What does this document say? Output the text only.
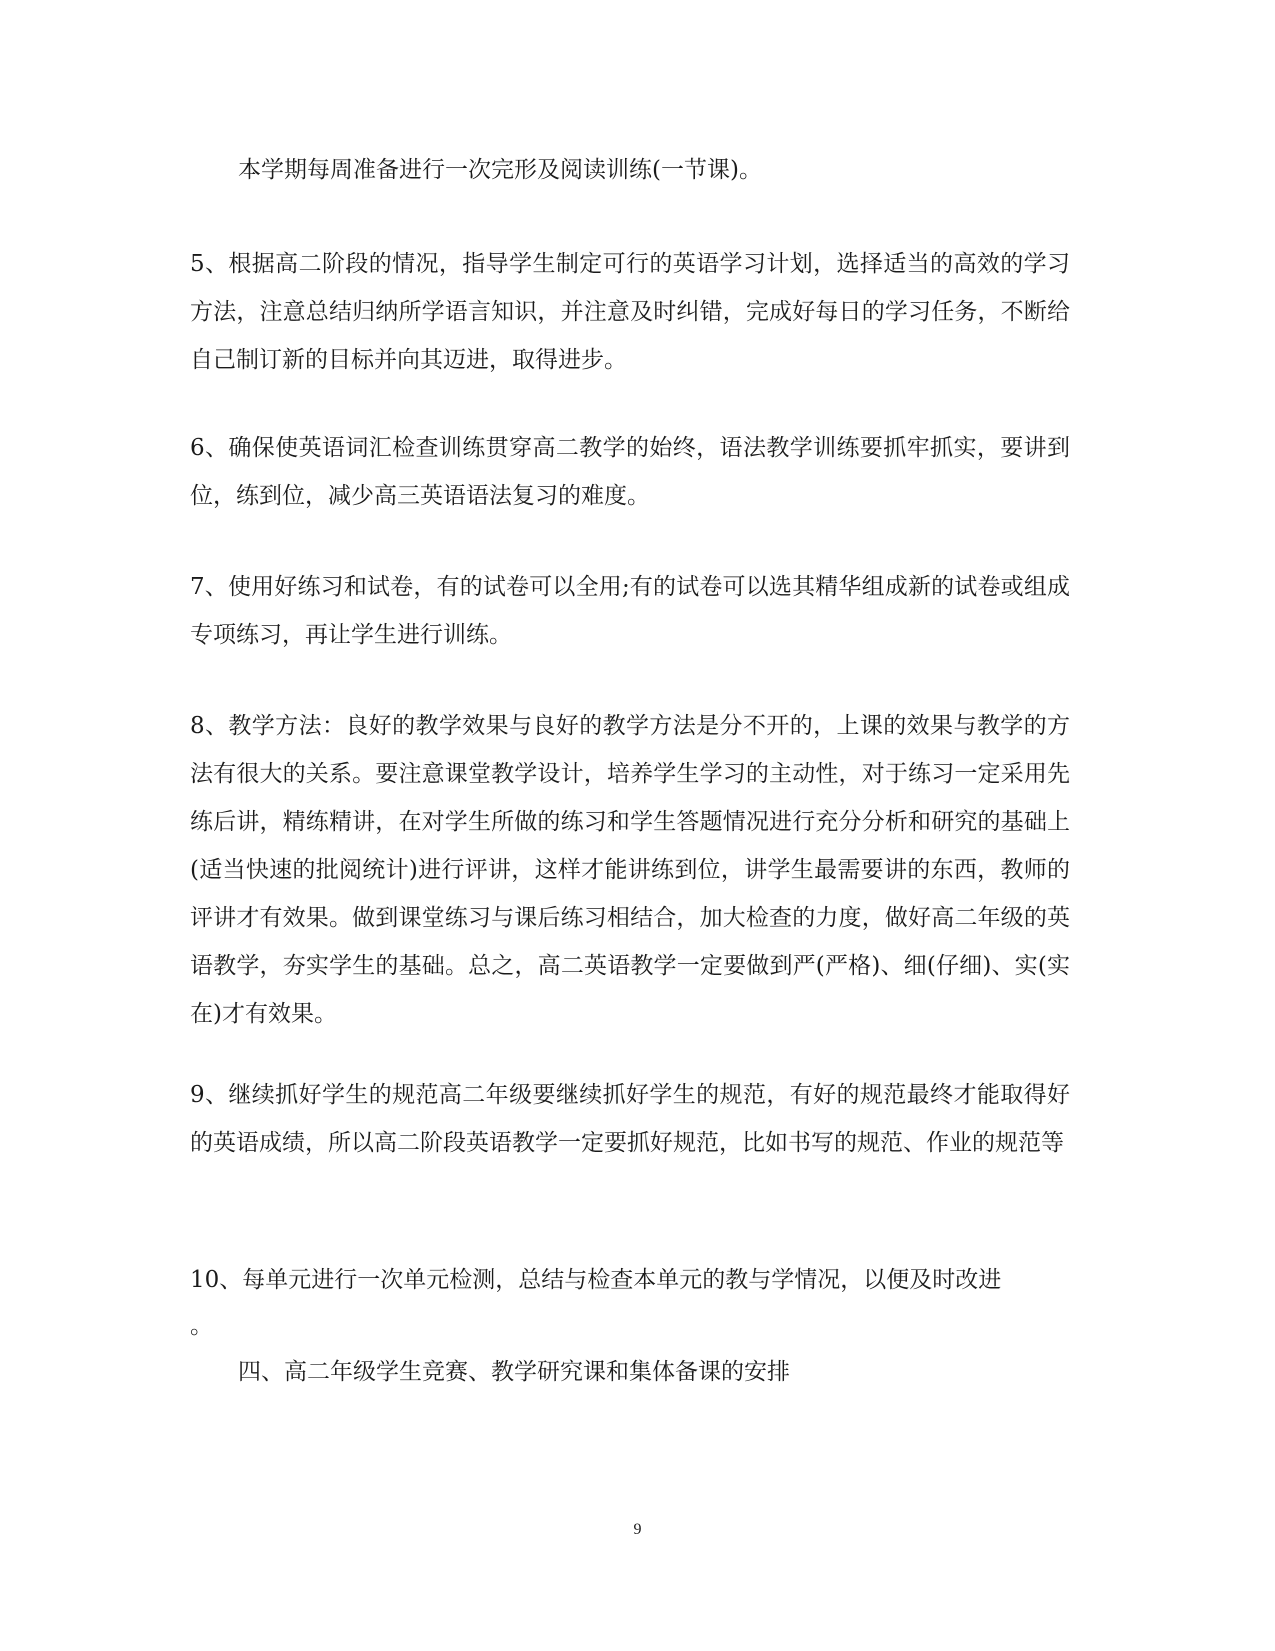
本学期每周准备进行一次完形及阅读训练(一节课)。

5、根据高二阶段的情况，指导学生制定可行的英语学习计划，选择适当的高效的学习方法，注意总结归纳所学语言知识，并注意及时纠错，完成好每日的学习任务，不断给自己制订新的目标并向其迈进，取得进步。

6、确保使英语词汇检查训练贯穿高二教学的始终，语法教学训练要抓牢抓实，要讲到位，练到位，减少高三英语语法复习的难度。

7、使用好练习和试卷，有的试卷可以全用;有的试卷可以选其精华组成新的试卷或组成专项练习，再让学生进行训练。

8、教学方法：良好的教学效果与良好的教学方法是分不开的，上课的效果与教学的方法有很大的关系。要注意课堂教学设计，培养学生学习的主动性，对于练习一定采用先练后讲，精练精讲，在对学生所做的练习和学生答题情况进行充分分析和研究的基础上(适当快速的批阅统计)进行评讲，这样才能讲练到位，讲学生最需要讲的东西，教师的评讲才有效果。做到课堂练习与课后练习相结合，加大检查的力度，做好高二年级的英语教学，夯实学生的基础。总之，高二英语教学一定要做到严(严格)、细(仔细)、实(实在)才有效果。

9、继续抓好学生的规范高二年级要继续抓好学生的规范，有好的规范最终才能取得好的英语成绩，所以高二阶段英语教学一定要抓好规范，比如书写的规范、作业的规范等

10、每单元进行一次单元检测，总结与检查本单元的教与学情况，以便及时改进
。
四、高二年级学生竞赛、教学研究课和集体备课的安排
9
